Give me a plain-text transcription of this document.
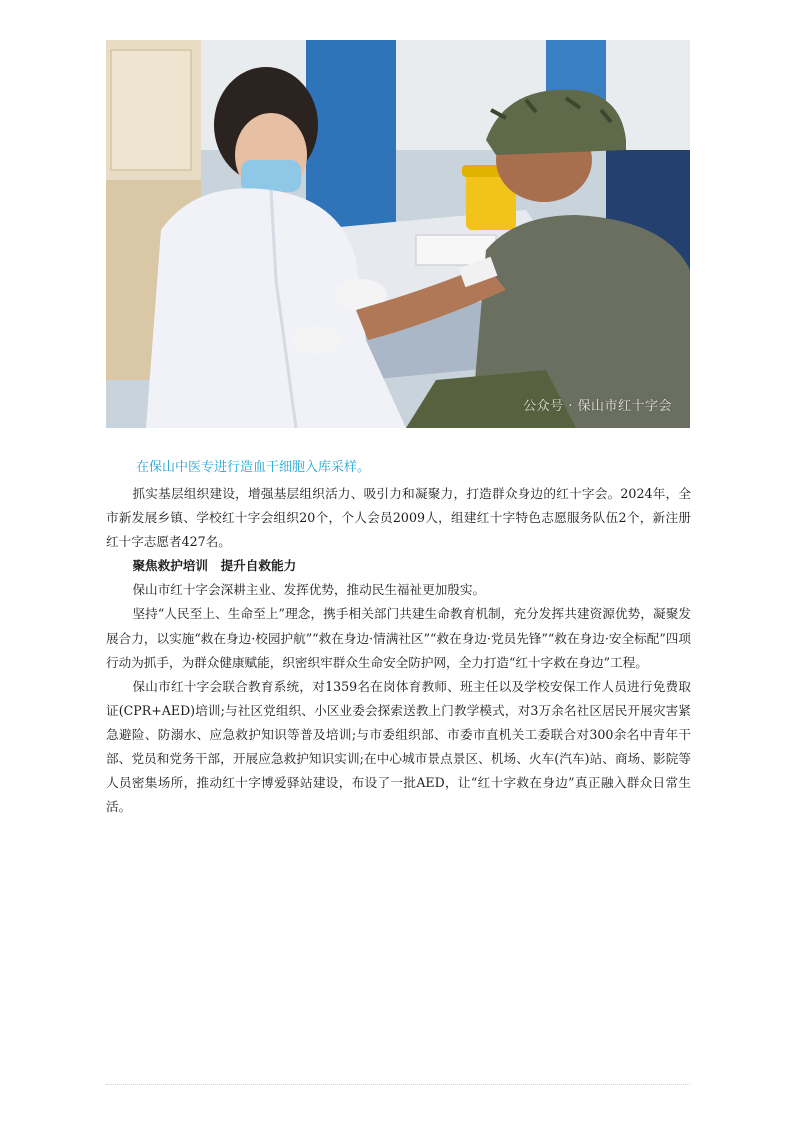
公众号 · 保山市红十字会
在保山中医专进行造血干细胞入库采样。

抓实基层组织建设，增强基层组织活力、吸引力和凝聚力，打造群众身边的红十字会。2024年，全市新发展乡镇、学校红十字会组织20个，个人会员2009人，组建红十字特色志愿服务队伍2个，新注册红十字志愿者427名。

聚焦救护培训　提升自救能力

保山市红十字会深耕主业、发挥优势，推动民生福祉更加殷实。

坚持“人民至上、生命至上”理念，携手相关部门共建生命教育机制，充分发挥共建资源优势，凝聚发展合力，以实施“救在身边·校园护航”“救在身边·情满社区”“救在身边·党员先锋”“救在身边·安全标配”四项行动为抓手，为群众健康赋能，织密织牢群众生命安全防护网，全力打造“红十字救在身边”工程。

保山市红十字会联合教育系统，对1359名在岗体育教师、班主任以及学校安保工作人员进行免费取证(CPR+AED)培训;与社区党组织、小区业委会探索送教上门教学模式，对3万余名社区居民开展灾害紧急避险、防溺水、应急救护知识等普及培训;与市委组织部、市委市直机关工委联合对300余名中青年干部、党员和党务干部，开展应急救护知识实训;在中心城市景点景区、机场、火车(汽车)站、商场、影院等人员密集场所，推动红十字博爱驿站建设，布设了一批AED，让“红十字救在身边”真正融入群众日常生活。
